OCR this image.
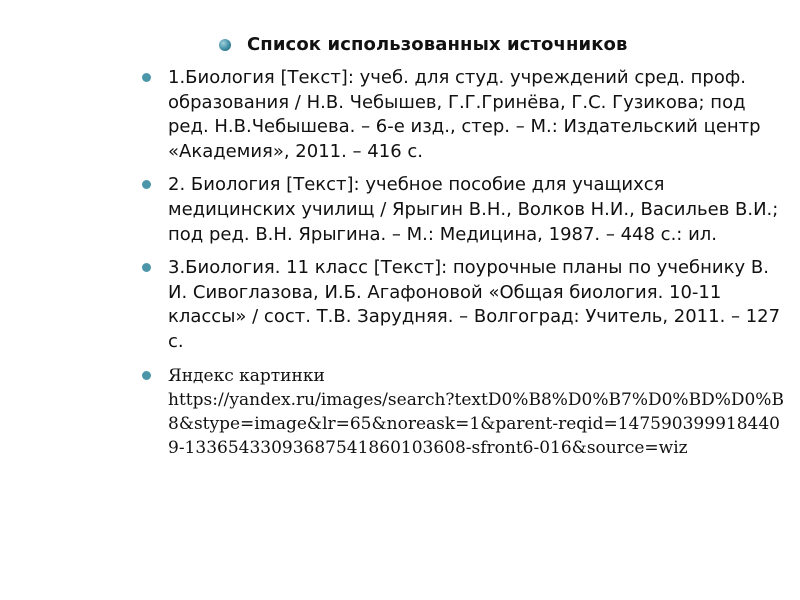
Список использованных источников
1.Биология [Текст]: учеб. для студ. учреждений сред. проф. образования / Н.В. Чебышев, Г.Г.Гринёва, Г.С. Гузикова; под ред. Н.В.Чебышева. – 6-е изд., стер. – М.: Издательский центр «Академия», 2011. – 416 с.
2. Биология [Текст]: учебное пособие для учащихся медицинских училищ / Ярыгин В.Н., Волков Н.И., Васильев В.И.; под ред. В.Н. Ярыгина. – М.: Медицина, 1987. – 448 с.: ил.
3.Биология. 11 класс [Текст]: поурочные планы по учебнику В. И. Сивоглазова, И.Б. Агафоновой «Общая биология. 10-11 классы» / сост. Т.В. Зарудняя. – Волгоград: Учитель, 2011. – 127 с.
Яндекс картинки
https://yandex.ru/images/search?textD0%B8%D0%B7%D0%BD%D0%B8&stype=image&lr=65&noreask=1&parent-reqid=1475903999184409-1336543309368754186010360​8-sfront6-016&source=wiz
